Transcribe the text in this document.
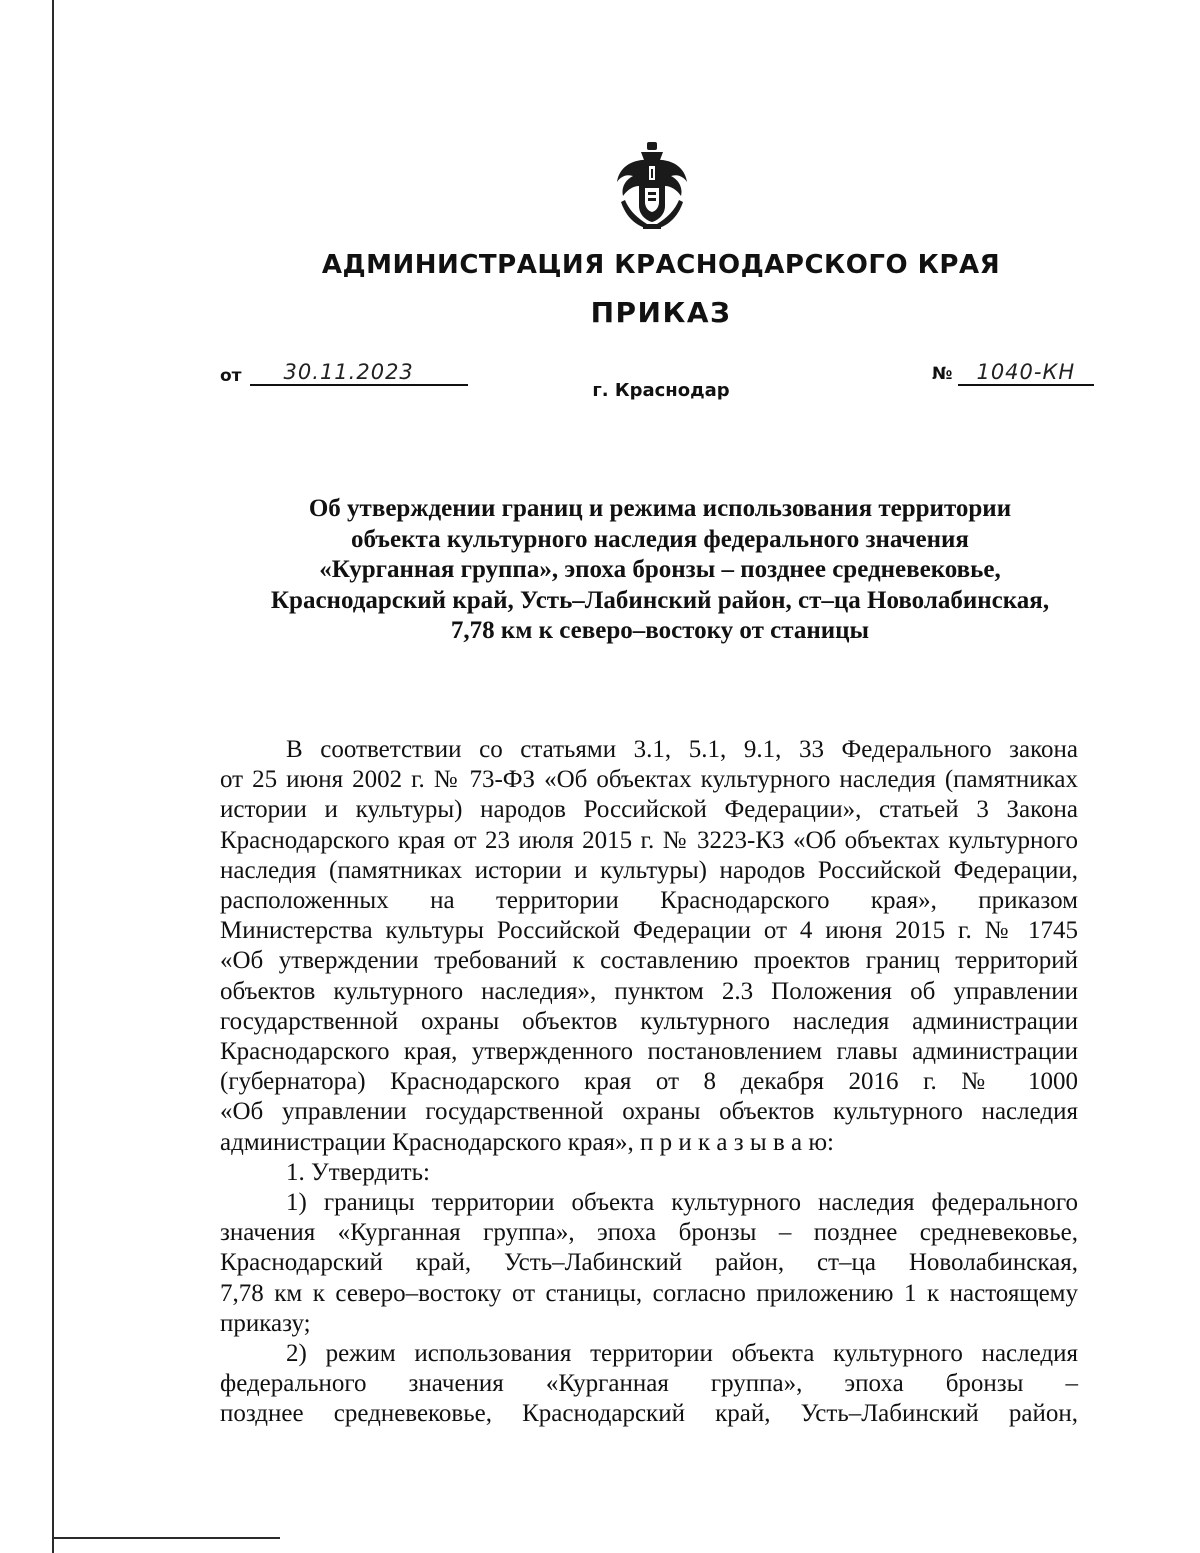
АДМИНИСТРАЦИЯ КРАСНОДАРСКОГО КРАЯ
ПРИКАЗ
от 30.11.2023
г. Краснодар
№ 1040-КН
Об утверждении границ и режима использования территории
объекта культурного наследия федерального значения
«Курганная группа», эпоха бронзы – позднее средневековье,
Краснодарский край, Усть–Лабинский район, ст–ца Новолабинская,
7,78 км к северо–востоку от станицы
В соответствии со статьями 3.1, 5.1, 9.1, 33 Федерального закона
от 25 июня 2002 г. № 73-ФЗ «Об объектах культурного наследия (памятниках
истории и культуры) народов Российской Федерации», статьей 3 Закона
Краснодарского края от 23 июля 2015 г. № 3223-КЗ «Об объектах культурного
наследия (памятниках истории и культуры) народов Российской Федерации,
расположенных на территории Краснодарского края», приказом
Министерства культуры Российской Федерации от 4 июня 2015 г. № 1745
«Об утверждении требований к составлению проектов границ территорий
объектов культурного наследия», пунктом 2.3 Положения об управлении
государственной охраны объектов культурного наследия администрации
Краснодарского края, утвержденного постановлением главы администрации
(губернатора) Краснодарского края от 8 декабря 2016 г. № 1000
«Об управлении государственной охраны объектов культурного наследия
администрации Краснодарского края», п р и к а з ы в а ю:
1. Утвердить:
1) границы территории объекта культурного наследия федерального
значения «Курганная группа», эпоха бронзы – позднее средневековье,
Краснодарский край, Усть–Лабинский район, ст–ца Новолабинская,
7,78 км к северо–востоку от станицы, согласно приложению 1 к настоящему
приказу;
2) режим использования территории объекта культурного наследия
федерального значения «Курганная группа», эпоха бронзы –
позднее средневековье, Краснодарский край, Усть–Лабинский район,
